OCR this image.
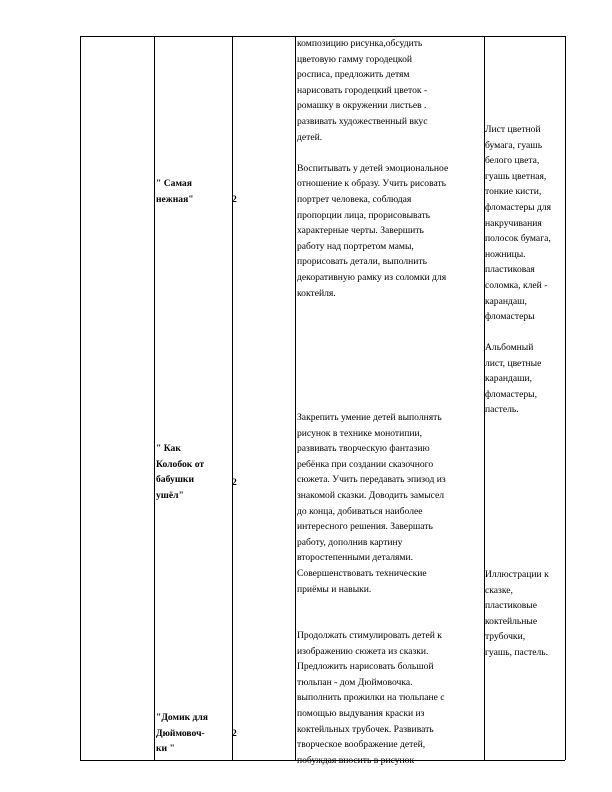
" Самая
нежная"	2
композицию рисунка,обсудить
цветовую гамму городецкой
росписа, предложить детям
нарисовать городецкий цветок -
ромашку в окружении листьев .
развивать художественный вкус
детей.

Воспитывать у детей эмоциональное
отношение к образу. Учить рисовать
портрет человека, соблюдая
пропорции лица, прорисовывать
характерные черты. Завершить
работу над портретом мамы,
прорисовать детали, выполнить
декоративную рамку из соломки для
коктейля.
Лист цветной
бумага, гуашь
белого цвета,
гуашь цветная,
тонкие кисти,
фломастеры для
накручивания
полосок бумага,
ножницы.
пластиковая
соломка, клей -
карандаш,
фломастеры
" Как
Колобок от
бабушки
ушёл"
2
Закрепить умение детей выполнять
рисунок в технике монотипии,
развивать творческую фантазию
ребёнка при создании сказочного
сюжета. Учить передавать эпизод из
знакомой сказки. Доводить замысел
до конца, добиваться наиболее
интересного решения. Завершать
работу, дополнив картину
второстепенными деталями.
Совершенствовать технические
приёмы и навыки.
Альбомный
лист, цветные
карандаши,
фломастеры,
пастель.
"Домик для
Дюймовоч-
ки "
2
Продолжать стимулировать детей к
изображению сюжета из сказки.
Предложить нарисовать большой
тюльпан - дом Дюймовочка.
выполнить прожилки на тюльпане с
помощью выдувания краски из
коктейльных трубочек. Развивать
творческое воображение детей,
побуждая вносить в рисунок
Иллюстрации к
сказке,
пластиковые
коктейльные
трубочки,
гуашь, пастель.
